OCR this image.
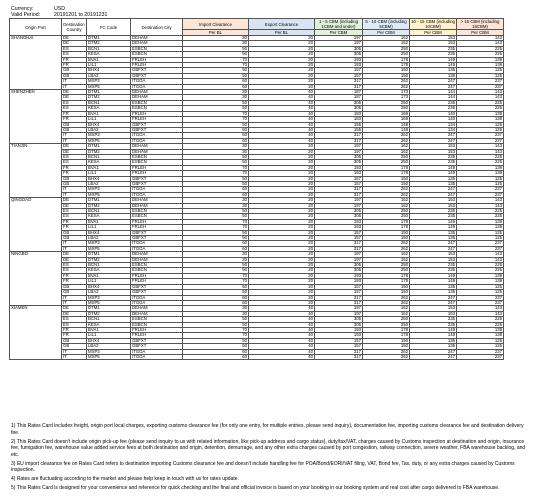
Currency:	USD
Valid Period:	20191201 to 20191231
Origin Port	Destination Country	FC Code	Destination City	Import Clearance	Export Clearance	1 - 5 CBM (including 1CBM and under)	5 - 10 CBM (including 5CBM)	10 - 15 CBM (including 10CBM)	> 15 CBM (including 15CBM)
				Per BL	Per BL	Per CBM	Per CBM	Per CBM	Per CBM
SHANGHAI	DE	DTM1	DEHAM	30	20	197	162	153	143
	DE	DTM2	DEHAM	30	20	197	162	153	143
	ES	BCN1	ESBCN	50	20	305	250	235	225
	ES	KESA	ESBCN	50	20	305	250	235	225
	FR	BVA1	FRLEH	70	20	193	178	149	139
	FR	LIL1	FRLEH	70	20	193	178	149	139
	GB	BHX4	GBFXT	50	20	157	150	135	125
	GB	LBA2	GBFXT	50	20	157	150	135	125
	IT	MXP3	ITGOA	60	20	317	262	247	237
	IT	MXP5	ITGOA	60	20	317	262	247	237
SHENZHEN	DE	DTM1	DEHAM	30	40	187	173	144	143
	DE	DTM2	DEHAM	30	40	187	173	144	143
	ES	BCN1	ESBCN	50	40	305	250	235	225
	ES	KESA	ESBCN	50	40	305	250	235	225
	FR	BVA1	FRLEH	70	40	183	169	140	139
	FR	LIL1	FRLEH	70	40	183	169	140	139
	GB	BHX4	GBFXT	50	40	155	148	134	125
	GB	LBA2	GBFXT	50	40	155	148	134	125
	IT	MXP3	ITGOA	60	40	317	262	247	237
	IT	MXP5	ITGOA	60	40	317	262	247	237
TIANJIN	DE	DTM1	DEHAM	30	20	197	162	153	143
	DE	DTM2	DEHAM	30	20	197	162	153	143
	ES	BCN1	ESBCN	50	20	305	250	235	225
	ES	KESA	ESBCN	50	20	305	250	235	225
	FR	BVA1	FRLEH	70	20	193	178	149	139
	FR	LIL1	FRLEH	70	20	193	178	149	139
	GB	BHX4	GBFXT	50	20	157	150	135	125
	GB	LBA2	GBFXT	50	20	157	150	135	125
	IT	MXP3	ITGOA	60	20	317	262	247	237
	IT	MXP5	ITGOA	60	20	317	262	247	237
QINGDAO	DE	DTM1	DEHAM	30	20	197	162	153	143
	DE	DTM2	DEHAM	30	20	197	162	153	143
	ES	BCN1	ESBCN	50	20	305	250	235	225
	ES	KESA	ESBCN	50	20	305	250	235	225
	FR	BVA1	FRLEH	70	20	193	178	149	139
	FR	LIL1	FRLEH	70	20	193	178	149	139
	GB	BHX4	GBFXT	50	20	157	150	135	125
	GB	LBA2	GBFXT	50	20	157	150	135	125
	IT	MXP3	ITGOA	60	20	317	262	247	237
	IT	MXP5	ITGOA	60	20	317	262	247	237
NINGBO	DE	DTM1	DEHAM	30	20	197	162	153	143
	DE	DTM2	DEHAM	30	20	197	162	153	143
	ES	BCN1	ESBCN	50	20	305	250	235	225
	ES	KESA	ESBCN	50	20	305	250	235	225
	FR	BVA1	FRLEH	70	20	193	178	149	139
	FR	LIL1	FRLEH	70	20	193	178	149	139
	GB	BHX4	GBFXT	50	20	157	150	135	125
	GB	LBA2	GBFXT	50	20	157	150	135	125
	IT	MXP3	ITGOA	60	20	317	262	247	237
	IT	MXP5	ITGOA	60	20	317	262	247	237
XIAMEN	DE	DTM1	DEHAM	30	40	197	162	153	143
	DE	DTM2	DEHAM	30	40	197	162	153	143
	ES	BCN1	ESBCN	50	40	305	250	235	225
	ES	KESA	ESBCN	50	40	305	250	235	225
	FR	BVA1	FRLEH	70	40	193	178	149	139
	FR	LIL1	FRLEH	70	40	193	178	149	139
	GB	BHX4	GBFXT	50	40	157	150	135	125
	GB	LBA2	GBFXT	50	40	157	150	135	125
	IT	MXP3	ITGOA	60	40	317	262	247	237
	IT	MXP5	ITGOA	60	40	317	262	247	237

1) This Rates Card includes freight, origin port local charges, exporting customs clearance fee (for only one entry, for multiple entries, please send inquiry), documentation fee, importing customs clearance fee and destination delivery fee.

2) This Rates Card doesn't include origin pick-up fee (please send inquiry to us with related information, like pick-up address and cargo status), duty/tax/VAT, charges caused by Customs inspection at destination and origin, insurance fee, fumigation fee, warehouse value added service fees at both destination and origin, detention, demurrage, and any other extra charges caused by port congestion, railway connection, severe weather, FBA warehouse backlog, and etc.

3) EU import clearance fee on Rates Card refers to destination importing Customs clearance fee and doesn't include handling fee for POA/Bond/EORI/VAT filing, VAT, Bond fee, Tax, duty, or any extra charges caused by Customs inspection.

4) Rates are fluctuating according to the market and please help keep in touch with us for rates update.

5) This Rates Card is designed for your convenience and reference for quick checking and the final and official invoice is based on your booking in our booking system and real cost after cargo delivered to FBA warehouse.
